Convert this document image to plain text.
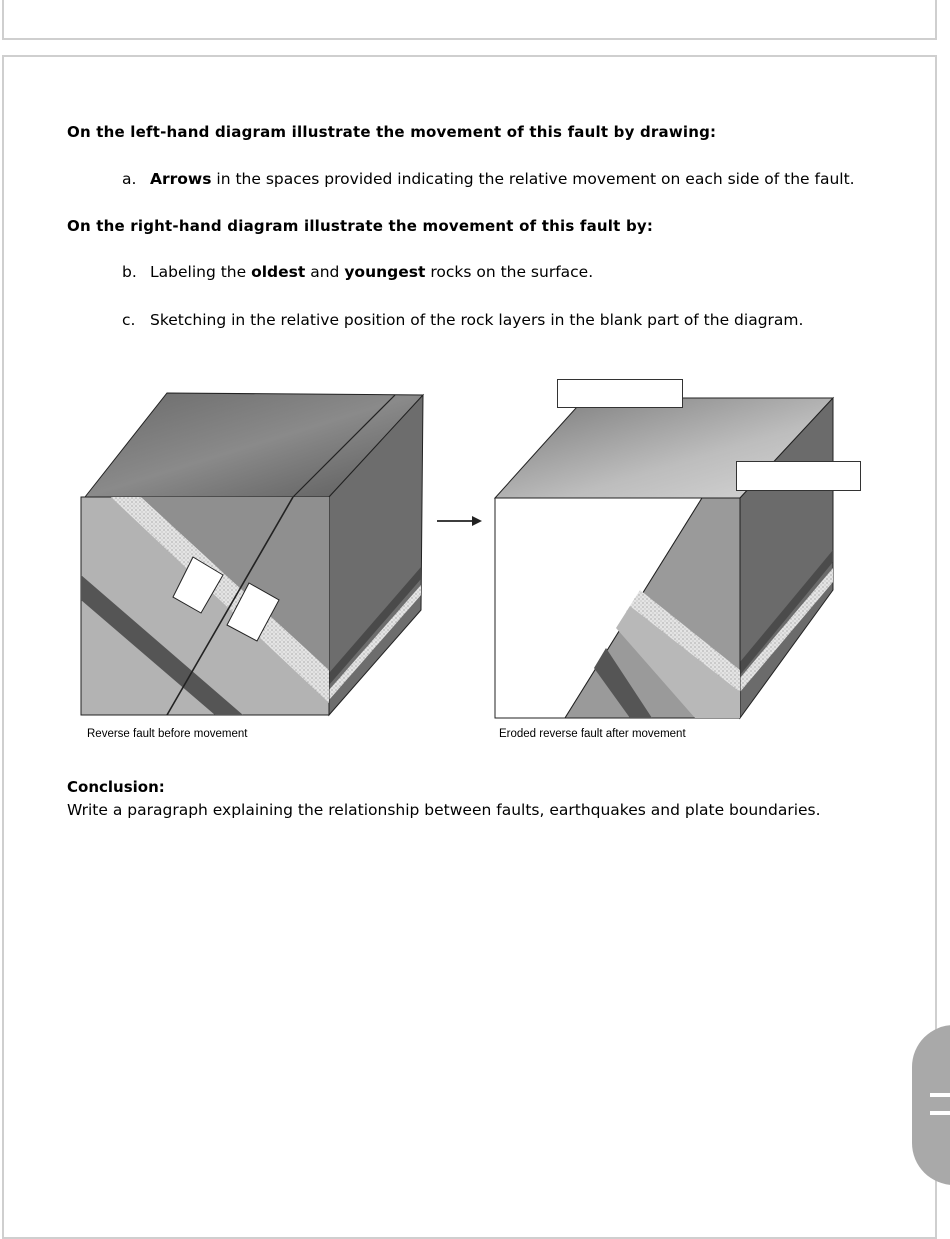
On the left-hand diagram illustrate the movement of this fault by drawing:
a. Arrows in the spaces provided indicating the relative movement on each side of the fault.
On the right-hand diagram illustrate the movement of this fault by:
b. Labeling the oldest and youngest rocks on the surface.
c. Sketching in the relative position of the rock layers in the blank part of the diagram.
Reverse fault before movement	Eroded reverse fault after movement
Conclusion:
Write a paragraph explaining the relationship between faults, earthquakes and plate boundaries.
